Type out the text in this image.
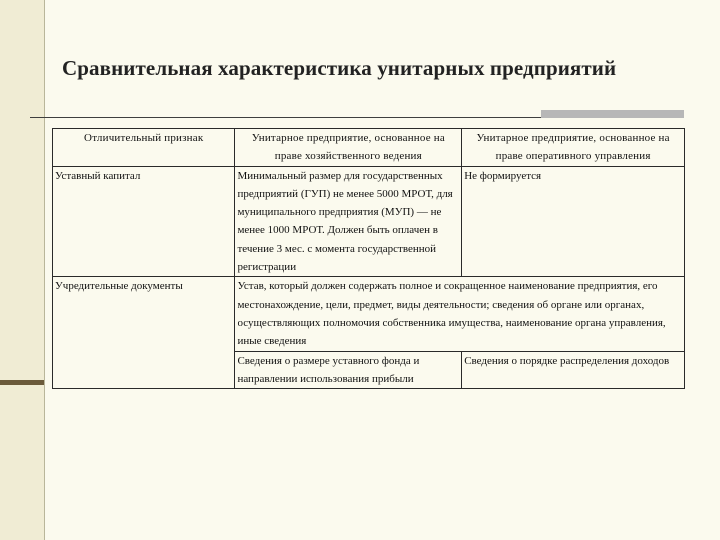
Сравнительная характеристика унитарных предприятий
Отличительный признак	Унитарное предприятие, основанное на праве хозяйственного ведения	Унитарное предприятие, основанное на праве оперативного управления
Уставный капитал	Минимальный размер для государственных предприятий (ГУП) не менее 5000 МРОТ, для муниципального предприятия (МУП) — не менее 1000 МРОТ. Должен быть оплачен в течение 3 мес. с момента государственной регистрации	Не формируется
Учредительные документы	Устав, который должен содержать полное и сокращенное наименование предприятия, его местонахождение, цели, предмет, виды деятельности; сведения об органе или органах, осуществляющих полномочия собственника имущества, наименование органа управления, иные сведения	
	Сведения о размере уставного фонда и направлении использования прибыли	Сведения о порядке распределения доходов
